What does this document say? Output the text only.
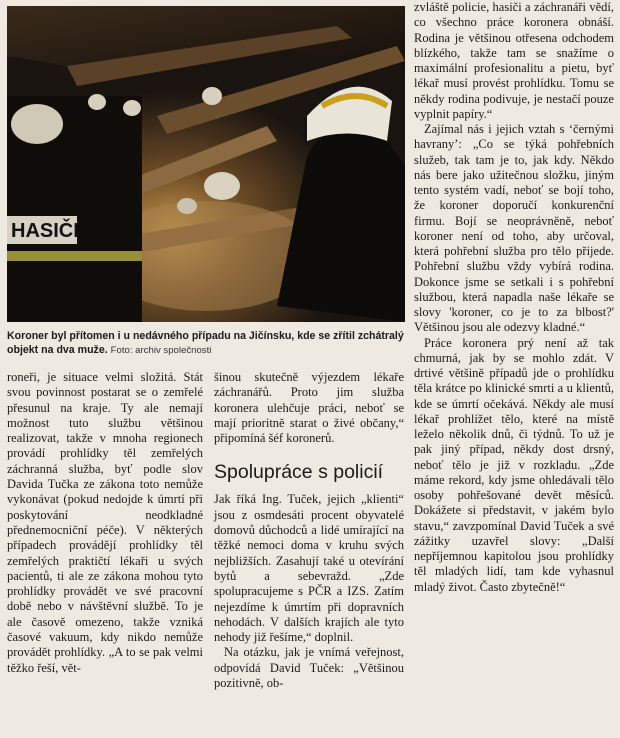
HASIČI
Koroner byl přítomen i u nedávného případu na Jičínsku, kde se zřítil zchátralý objekt na dva muže. Foto: archiv společnosti

roneři, je situace velmi složitá. Stát svou povinnost postarat se o zemřelé přesunul na kraje. Ty ale nemají možnost tuto službu většinou realizovat, takže v mnoha regionech provádí prohlídky těl zemřelých záchranná služba, byť podle slov Davida Tučka ze zákona toto nemůže vykonávat (pokud nedojde k úmrtí při poskytování neodkladné přednemocniční péče). V některých případech provádějí prohlídky těl zemřelých praktičtí lékaři u svých pacientů, ti ale ze zákona mohou tyto prohlídky provádět ve své pracovní době nebo v návštěvní službě. To je ale časově omezeno, takže vzniká časové vakuum, kdy nikdo nemůže provádět prohlídky. „A to se pak velmi těžko řeší, vět-

šinou skutečně výjezdem lékaře záchranářů. Proto jim služba koronera ulehčuje práci, neboť se mají prioritně starat o živé občany,“ připomíná šéf koronerů.

Spolupráce s policií

Jak říká Ing. Tuček, jejich „klienti“ jsou z osmdesáti procent obyvatelé domovů důchodců a lidé umírající na těžké nemoci doma v kruhu svých nejbližších. Zasahují také u otevírání bytů a sebevražd. „Zde spolupracujeme s PČR a IZS. Zatím nejezdíme k úmrtím při dopravních nehodách. V dalších krajích ale tyto nehody již řešíme,“ doplnil.

Na otázku, jak je vnímá veřejnost, odpovídá David Tuček: „Většinou pozitivně, ob-

zvláště policie, hasiči a záchranáři vědí, co všechno práce koronera obnáší. Rodina je většinou otřesena odchodem blízkého, takže tam se snažíme o maximální profesionalitu a pietu, byť lékař musí provést prohlídku. Tomu se někdy rodina podivuje, je nestačí pouze vyplnit papíry.“

Zajímal nás i jejich vztah s ‘černými havrany’: „Co se týká pohřebních služeb, tak tam je to, jak kdy. Někdo nás bere jako užitečnou složku, jiným tento systém vadí, neboť se bojí toho, že koroner doporučí konkurenční firmu. Bojí se neoprávněně, neboť koroner není od toho, aby určoval, která pohřební služba pro tělo přijede. Pohřební službu vždy vybírá rodina. Dokonce jsme se setkali i s pohřební službou, která napadla naše lékaře se slovy 'koroner, co je to za blbost?' Většinou jsou ale odezvy kladné.“

Práce koronera prý není až tak chmurná, jak by se mohlo zdát. V drtivé většině případů jde o prohlídku těla krátce po klinické smrti a u klientů, kde se úmrtí očekává. Někdy ale musí lékař prohlížet tělo, které na místě leželo několik dnů, či týdnů. To už je pak jiný případ, někdy dost drsný, neboť tělo je již v rozkladu. „Zde máme rekord, kdy jsme ohledávali tělo osoby pohřešované devět měsíců. Dokážete si představit, v jakém bylo stavu,“ zavzpomínal David Tuček a své zážitky uzavřel slovy: „Další nepříjemnou kapitolou jsou prohlídky těl mladých lidí, tam kde vyhasnul mladý život. Často zbytečně!“
